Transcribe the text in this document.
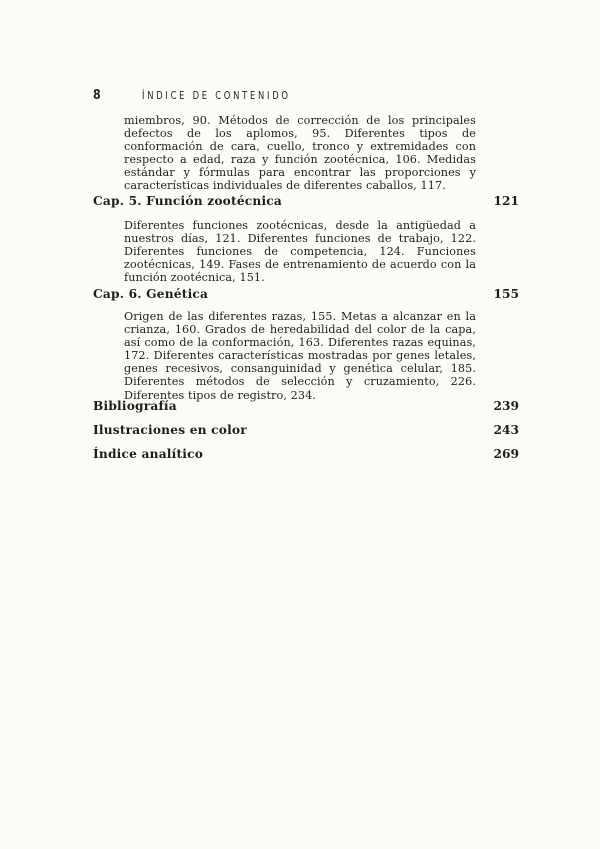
8	ÍNDICE DE CONTENIDO

miembros, 90. Métodos de corrección de los principales defectos de los aplomos, 95. Diferentes tipos de conformación de cara, cuello, tronco y extremidades con respecto a edad, raza y función zootécnica, 106. Medidas estándar y fórmulas para encontrar las proporciones y características individuales de diferentes caballos, 117.

Cap. 5. Función zootécnica	121

Diferentes funciones zootécnicas, desde la antigüedad a nuestros días, 121. Diferentes funciones de trabajo, 122. Diferentes funciones de competencia, 124. Funciones zootécnicas, 149. Fases de entrenamiento de acuerdo con la función zootécnica, 151.

Cap. 6. Genética	155

Origen de las diferentes razas, 155. Metas a alcanzar en la crianza, 160. Grados de heredabilidad del color de la capa, así como de la conformación, 163. Diferentes razas equinas, 172. Diferentes características mostradas por genes letales, genes recesivos, consanguinidad y genética celular, 185. Diferentes métodos de selección y cruzamiento, 226. Diferentes tipos de registro, 234.

Bibliografía	239
Ilustraciones en color	243
Índice analítico	269
